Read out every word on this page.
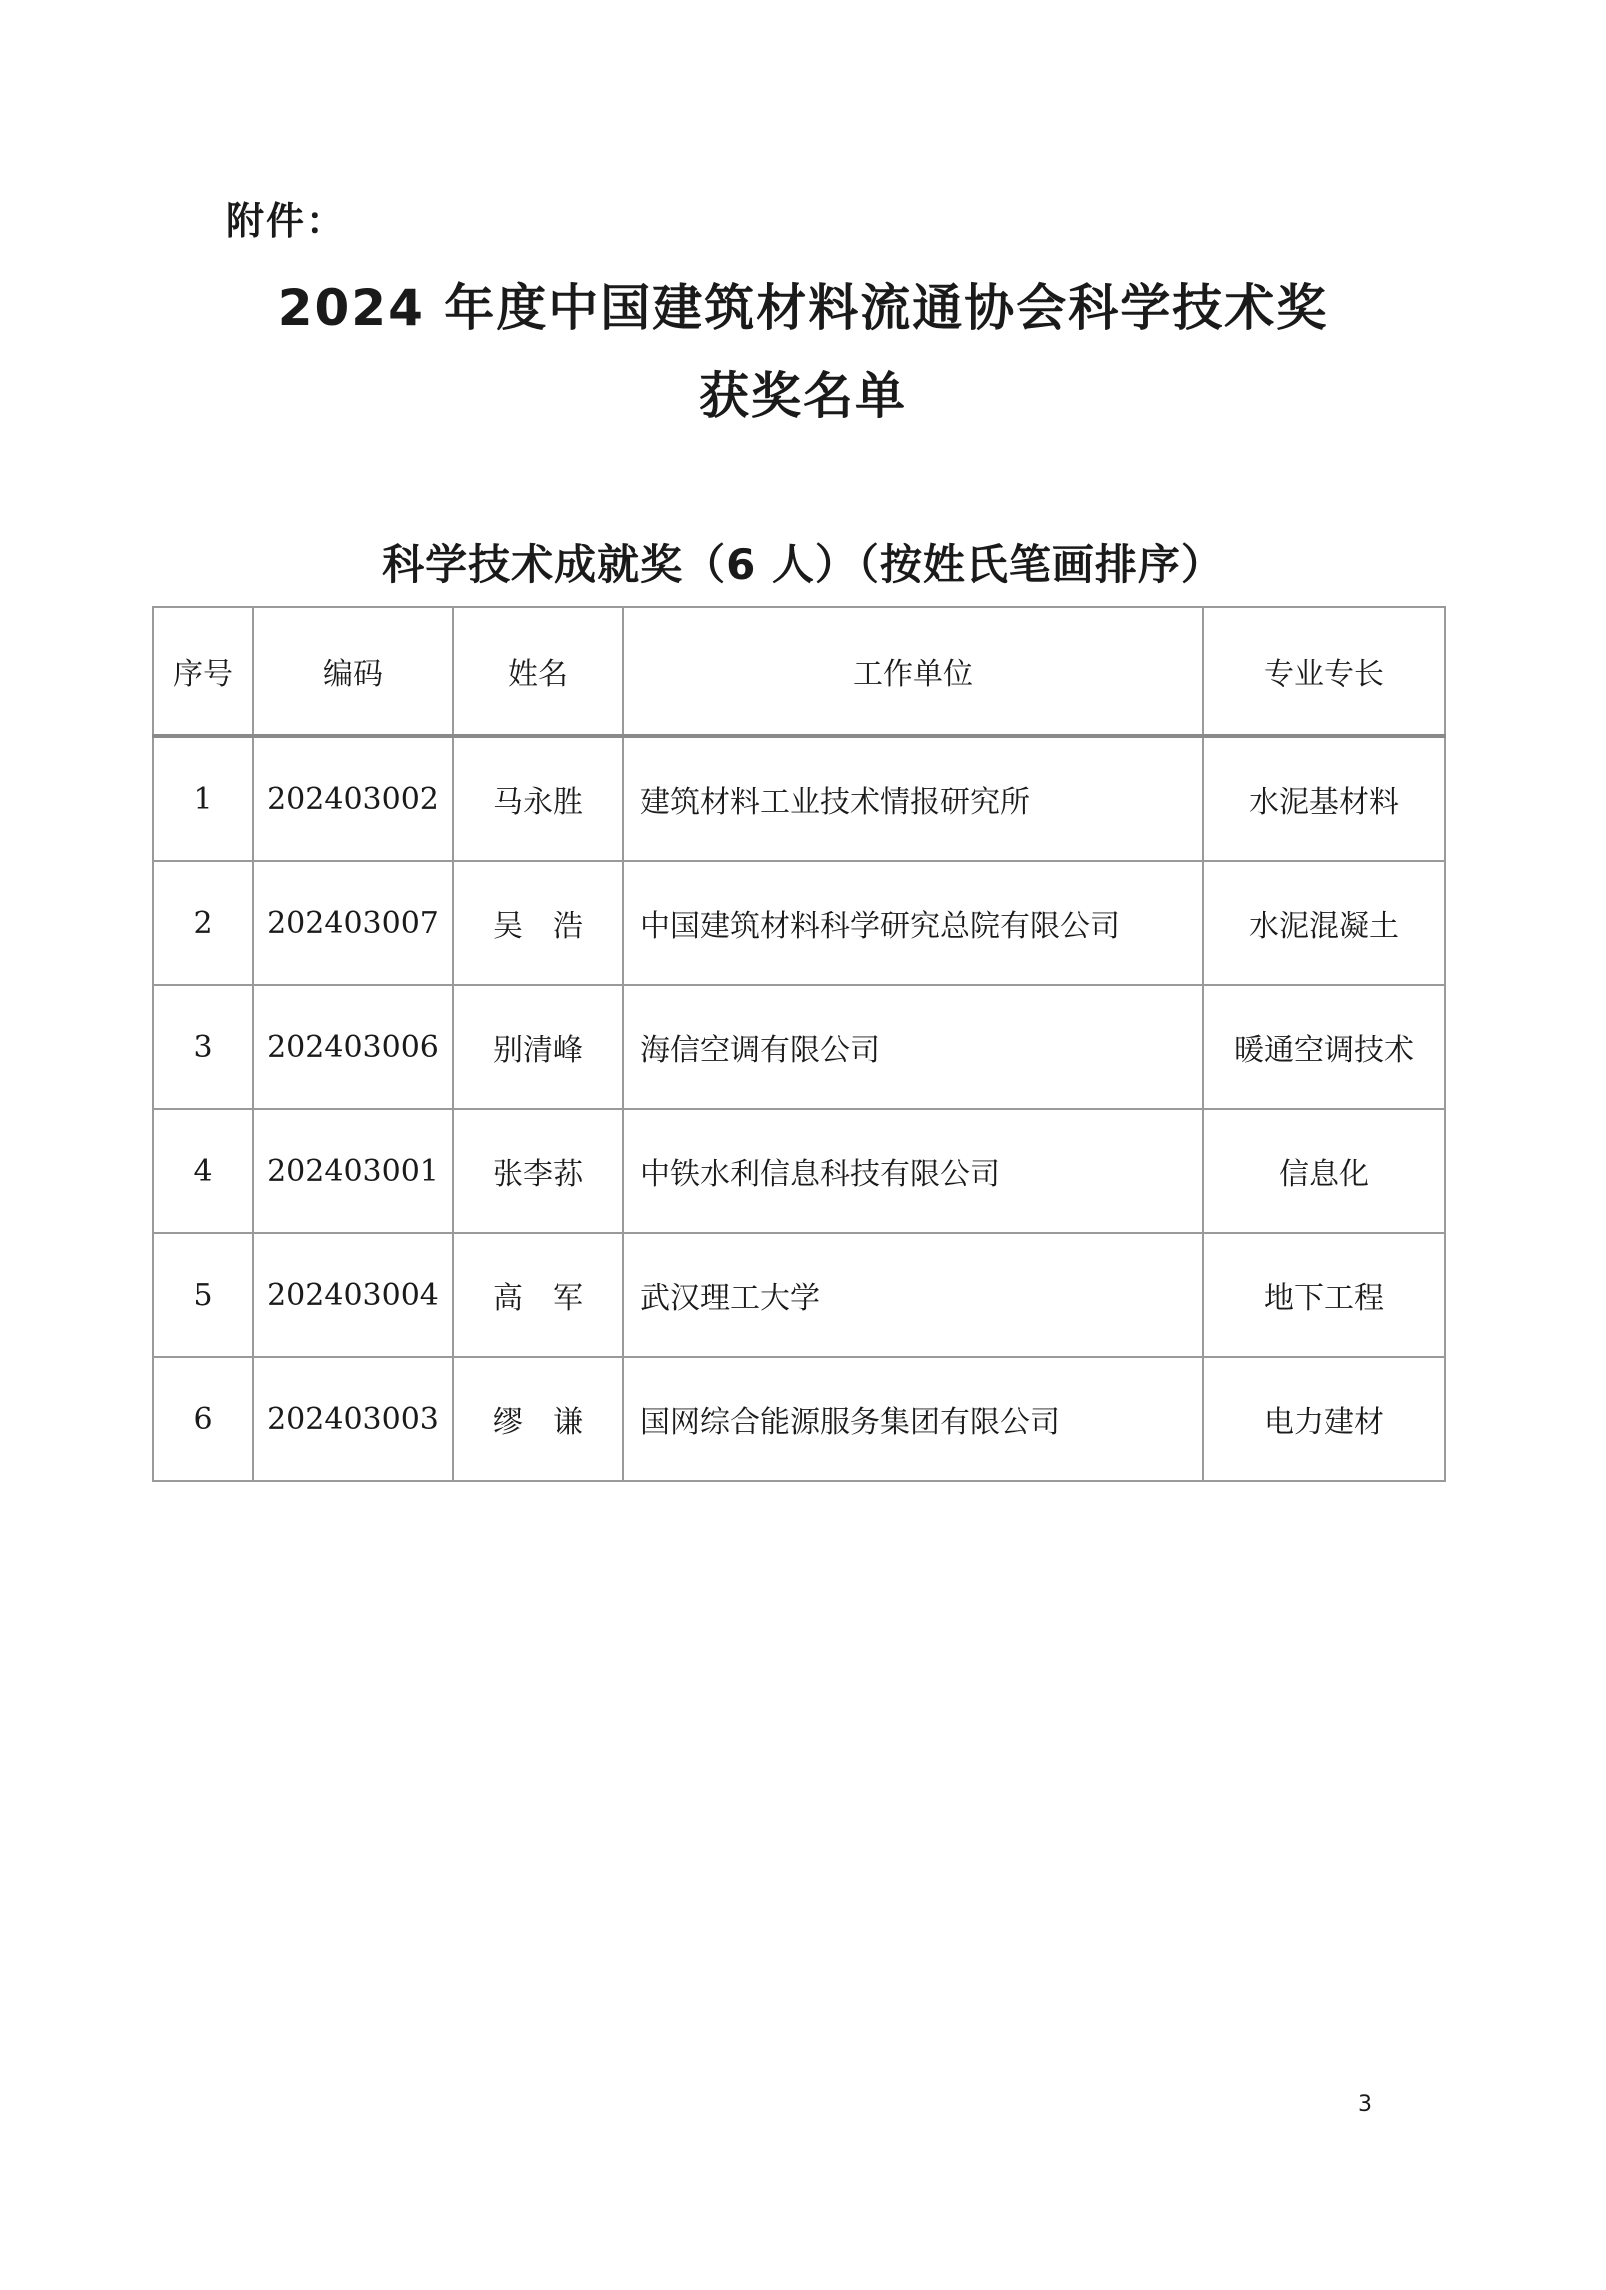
附件：
2024 年度中国建筑材料流通协会科学技术奖
获奖名单
科学技术成就奖（6 人）（按姓氏笔画排序）
序号	编码	姓名	工作单位	专业专长
1	202403002	马永胜	建筑材料工业技术情报研究所	水泥基材料
2	202403007	吴　浩	中国建筑材料科学研究总院有限公司	水泥混凝土
3	202403006	别清峰	海信空调有限公司	暖通空调技术
4	202403001	张李荪	中铁水利信息科技有限公司	信息化
5	202403004	高　军	武汉理工大学	地下工程
6	202403003	缪　谦	国网综合能源服务集团有限公司	电力建材
3
